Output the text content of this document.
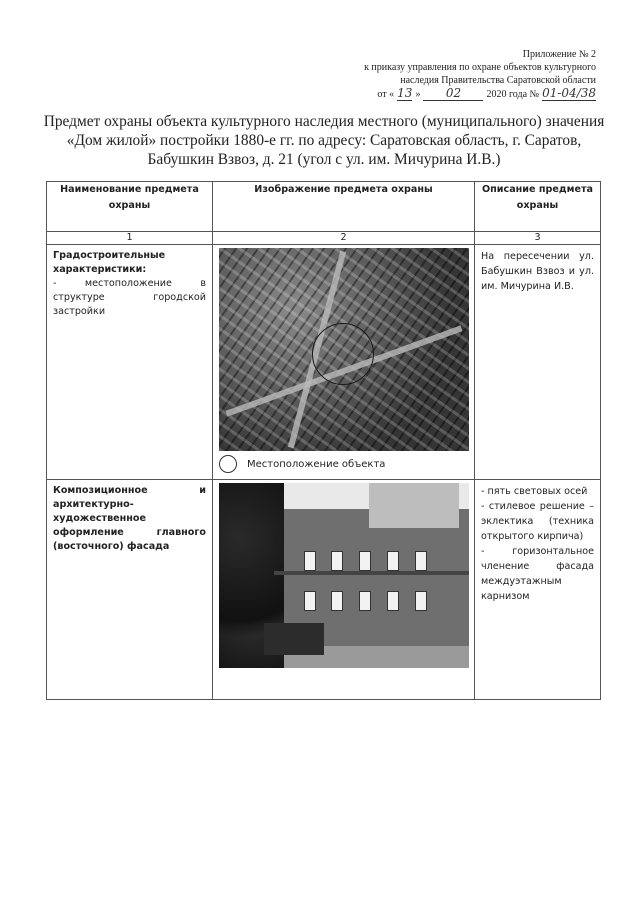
Приложение № 2
к приказу управления по охране объектов культурного
наследия Правительства Саратовской области
от « 13 »	02	2020 года № 01-04/38
Предмет охраны объекта культурного наследия местного (муниципального) значения «Дом жилой» постройки 1880-е гг. по адресу: Саратовская область, г. Саратов, Бабушкин Взвоз, д. 21 (угол с ул. им. Мичурина И.В.)
Наименование предмета охраны	Изображение предмета охраны	Описание предмета охраны
1	2	3

Градостроительные характеристики:
- местоположение в структуре городской застройки	Местоположение объекта	На пересечении ул. Бабушкин Взвоз и ул. им. Мичурина И.В.

Композиционное и архитектурно-художественное оформление главного (восточного) фасада		- пять световых осей
- стилевое решение – эклектика (техника открытого кирпича)
- горизонтальное членение фасада междуэтажным карнизом
